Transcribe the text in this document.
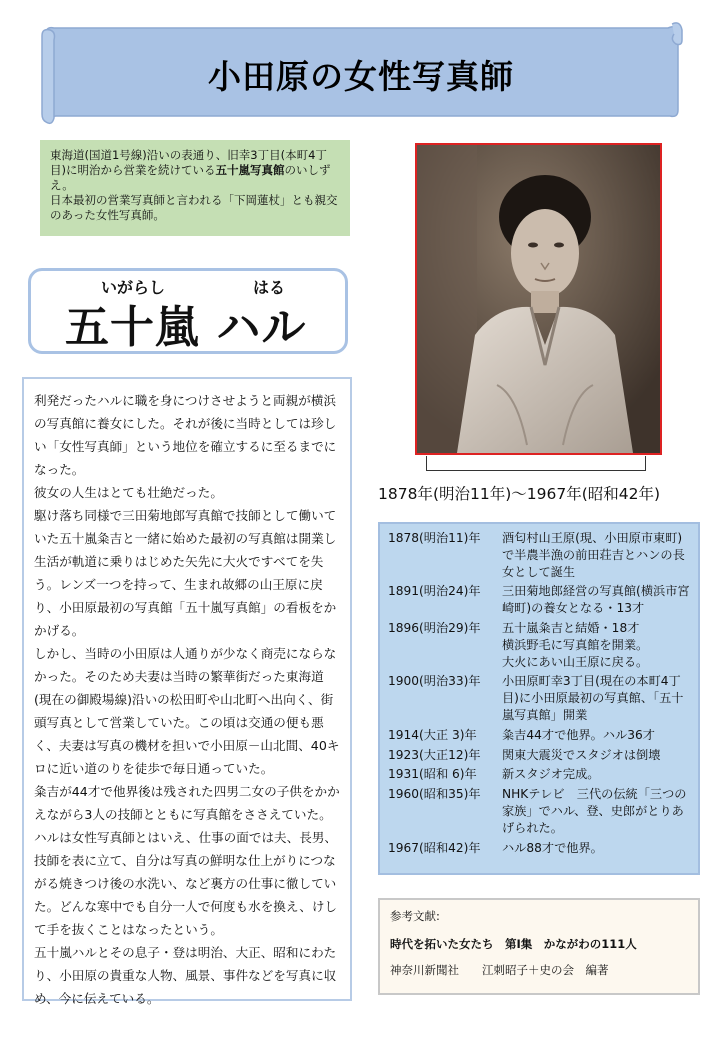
小田原の女性写真師
東海道(国道1号線)沿いの表通り、旧幸3丁目(本町4丁目)に明治から営業を続けている五十嵐写真館のいしずえ。
日本最初の営業写真師と言われる「下岡蓮杖」とも親交のあった女性写真師。
いがらし	はる
五十嵐 ハル

利発だったハルに職を身につけさせようと両親が横浜の写真館に養女にした。それが後に当時としては珍しい「女性写真師」という地位を確立するに至るまでになった。

彼女の人生はとても壮絶だった。

駆け落ち同様で三田菊地郎写真館で技師として働いていた五十嵐粂吉と一緒に始めた最初の写真館は開業し生活が軌道に乗りはじめた矢先に大火ですべてを失う。レンズ一つを持って、生まれ故郷の山王原に戻り、小田原最初の写真館「五十嵐写真館」の看板をかかげる。

しかし、当時の小田原は人通りが少なく商売にならなかった。そのため夫妻は当時の繁華街だった東海道(現在の御殿場線)沿いの松田町や山北町へ出向く、街頭写真として営業していた。この頃は交通の便も悪く、夫妻は写真の機材を担いで小田原－山北間、40キロに近い道のりを徒歩で毎日通っていた。

粂吉が44才で他界後は残された四男二女の子供をかかえながら3人の技師とともに写真館をささえていた。

ハルは女性写真師とはいえ、仕事の面では夫、長男、技師を表に立て、自分は写真の鮮明な仕上がりにつながる焼きつけ後の水洗い、など裏方の仕事に徹していた。どんな寒中でも自分一人で何度も水を換え、けして手を抜くことはなったという。

五十嵐ハルとその息子・登は明治、大正、昭和にわたり、小田原の貴重な人物、風景、事件などを写真に収め、今に伝えている。

1878年(明治11年)～1967年(昭和42年)
1878(明治11)年	酒匂村山王原(現、小田原市東町)で半農半漁の前田荘吉とハンの長女として誕生
1891(明治24)年	三田菊地郎経営の写真館(横浜市宮崎町)の養女となる・13才
1896(明治29)年	五十嵐粂吉と結婚・18才
横浜野毛に写真館を開業。
大火にあい山王原に戻る。
1900(明治33)年	小田原町幸3丁目(現在の本町4丁目)に小田原最初の写真館、「五十嵐写真館」開業
1914(大正 3)年	粂吉44才で他界。ハル36才
1923(大正12)年	関東大震災でスタジオは倒壊
1931(昭和 6)年	新スタジオ完成。
1960(昭和35)年	NHKテレビ　三代の伝統「三つの家族」でハル、登、史郎がとりあげられた。
1967(昭和42)年	ハル88才で他界。
参考文献:
時代を拓いた女たち　第Ⅰ集　かながわの111人
神奈川新聞社　　江刺昭子＋史の会　編著
